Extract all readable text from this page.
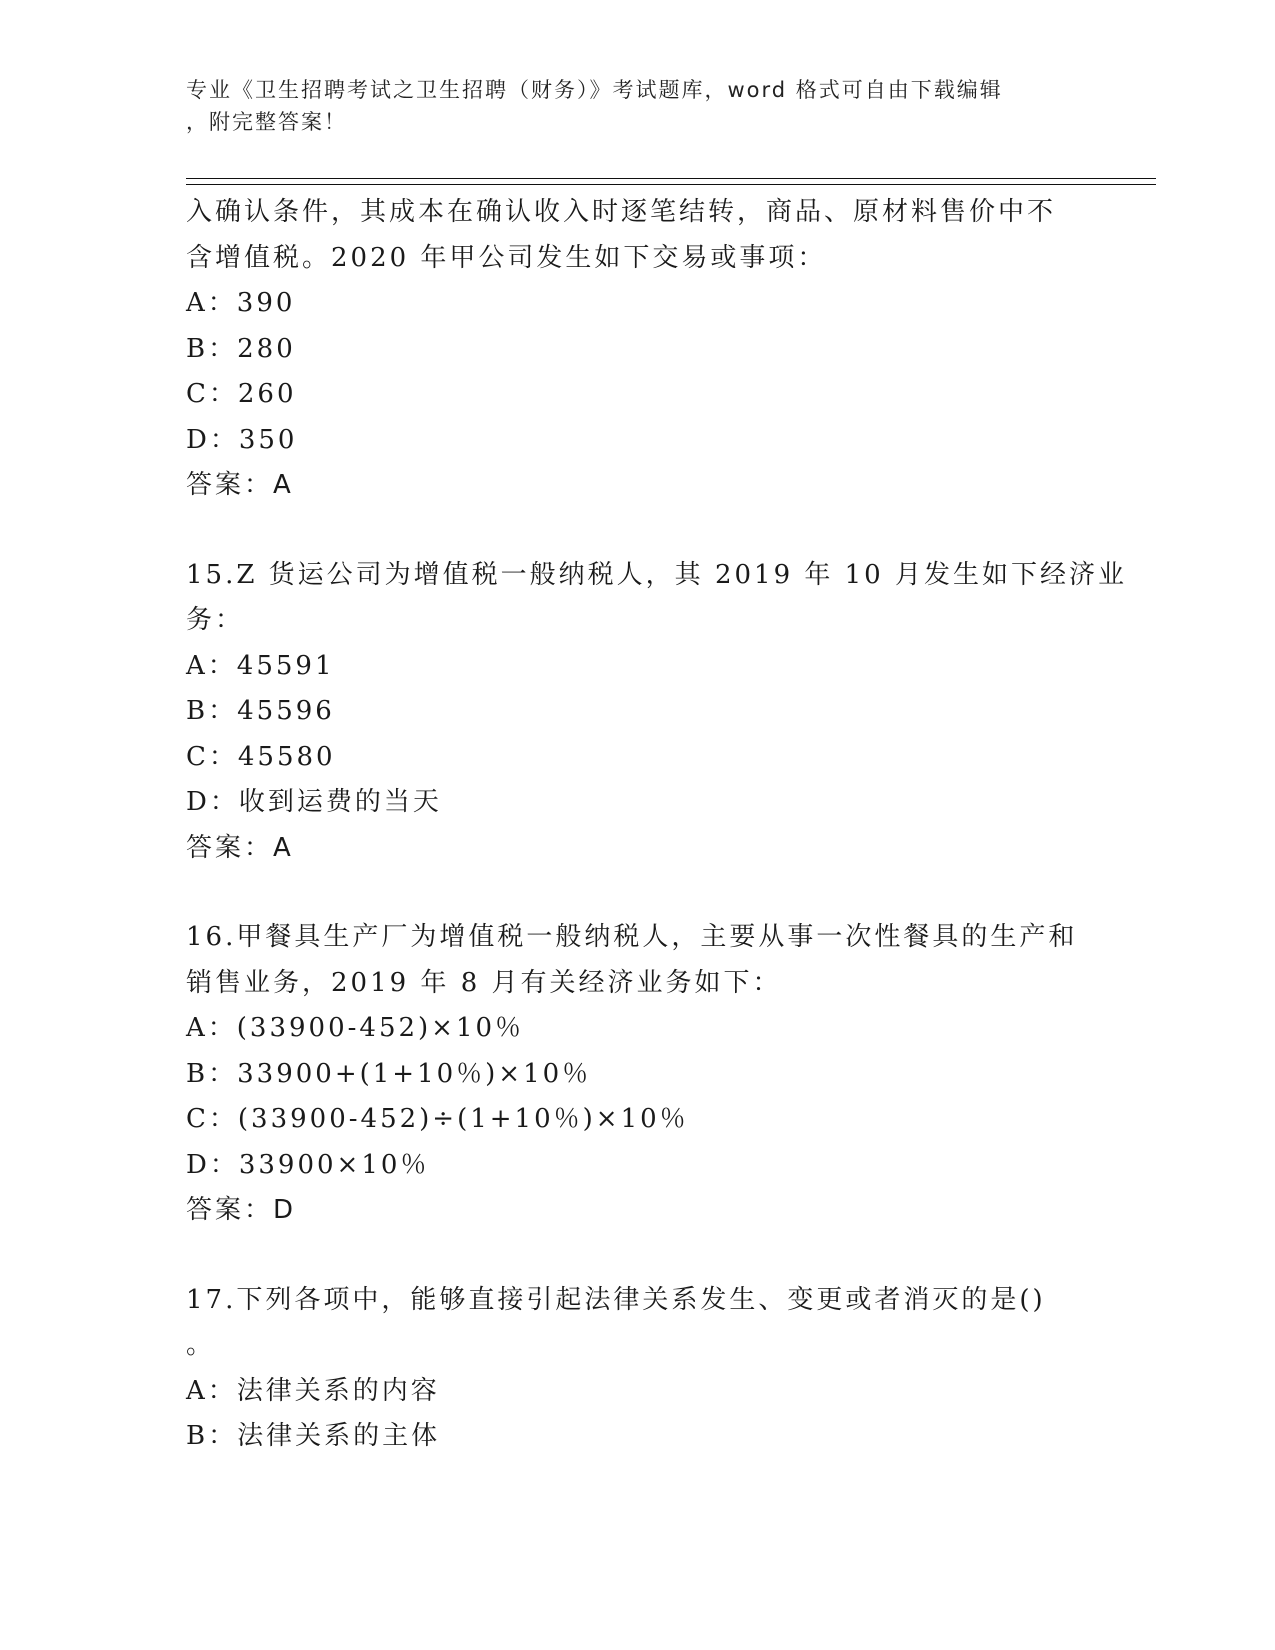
专业《卫生招聘考试之卫生招聘（财务）》考试题库，word 格式可自由下载编辑
，附完整答案！
入确认条件，其成本在确认收入时逐笔结转，商品、原材料售价中不
含增值税。2020 年甲公司发生如下交易或事项：
A：390
B：280
C：260
D：350
答案：A
15.Z 货运公司为增值税一般纳税人，其 2019 年 10 月发生如下经济业
务：
A：45591
B：45596
C：45580
D：收到运费的当天
答案：A
16.甲餐具生产厂为增值税一般纳税人，主要从事一次性餐具的生产和
销售业务，2019 年 8 月有关经济业务如下：
A：(33900-452)×10％
B：33900+(1+10％)×10％
C：(33900-452)÷(1+10％)×10％
D：33900×10％
答案：D
17.下列各项中，能够直接引起法律关系发生、变更或者消灭的是()
。
A：法律关系的内容
B：法律关系的主体
